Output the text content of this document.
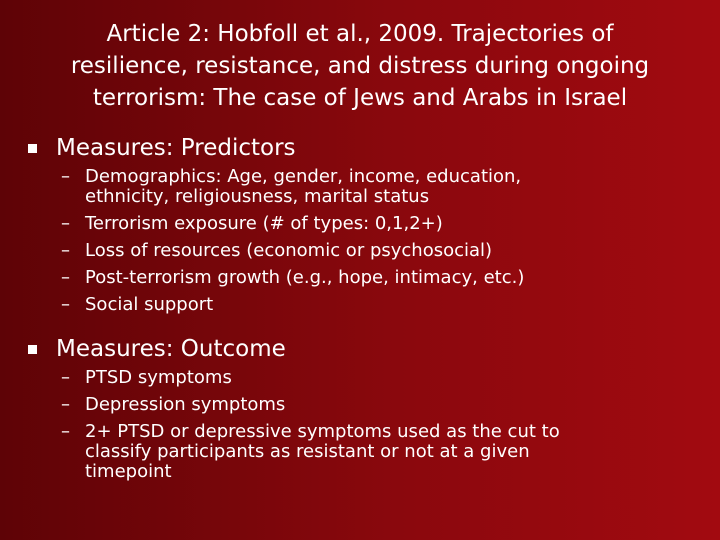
Article 2: Hobfoll et al., 2009. Trajectories of
resilience, resistance, and distress during ongoing
terrorism: The case of Jews and Arabs in Israel
Measures: Predictors
– Demographics: Age, gender, income, education,
ethnicity, religiousness, marital status
– Terrorism exposure (# of types: 0,1,2+)
– Loss of resources (economic or psychosocial)
– Post-terrorism growth (e.g., hope, intimacy, etc.)
– Social support
Measures: Outcome
– PTSD symptoms
– Depression symptoms
– 2+ PTSD or depressive symptoms used as the cut to
classify participants as resistant or not at a given
timepoint
